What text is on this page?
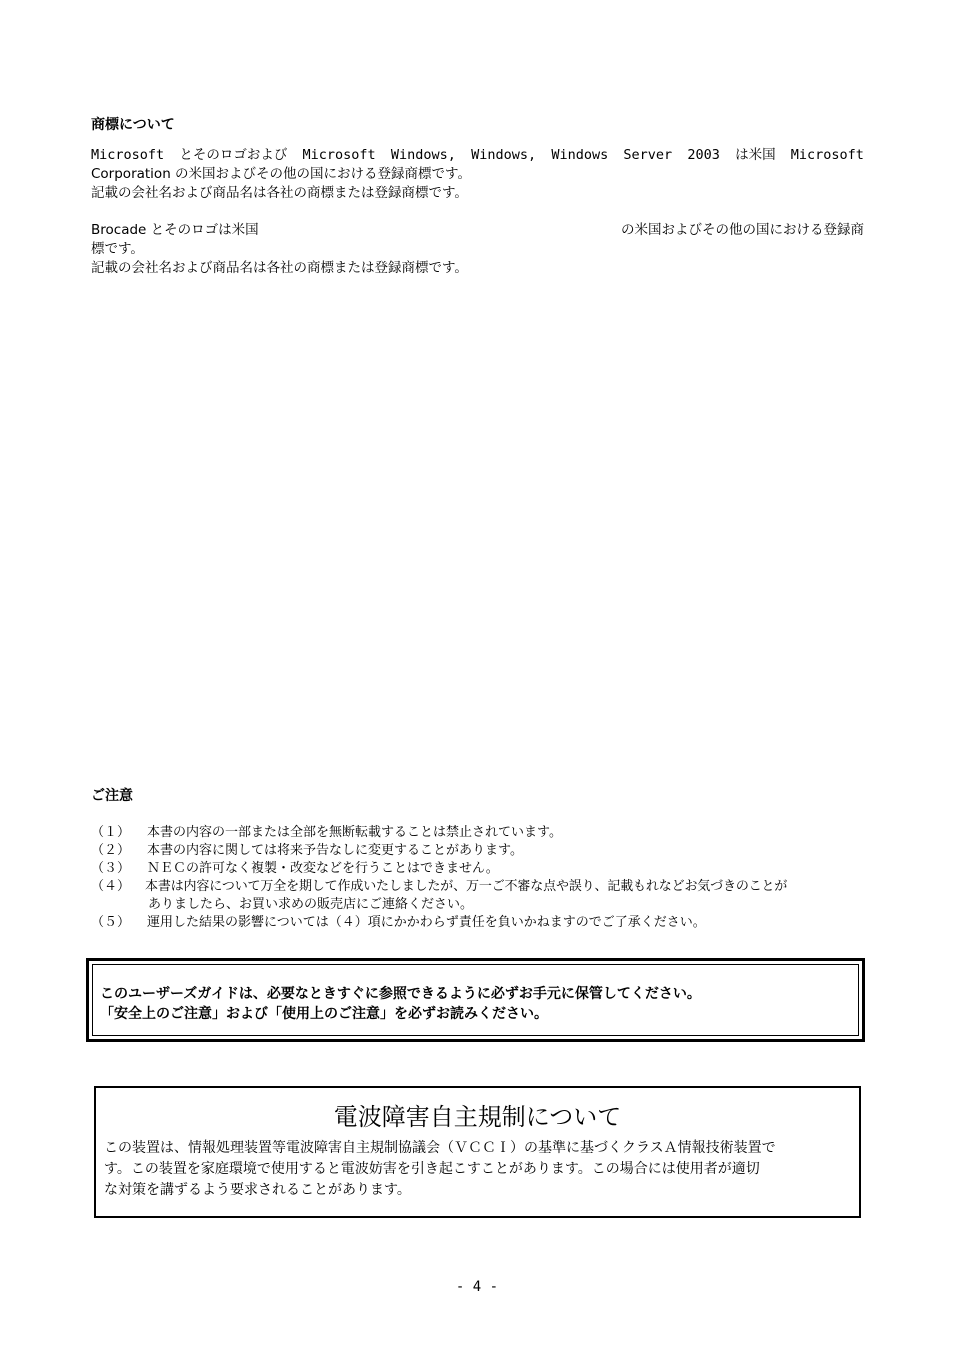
商標について
Microsoft とそのロゴおよび Microsoft Windows, Windows, Windows Server 2003 は米国 Microsoft
Corporation の米国およびその他の国における登録商標です。
記載の会社名および商品名は各社の商標または登録商標です。
Brocade とそのロゴは米国	の米国およびその他の国における登録商
標です。
記載の会社名および商品名は各社の商標または登録商標です。
ご注意
（１）	本書の内容の一部または全部を無断転載することは禁止されています。
（２）	本書の内容に関しては将来予告なしに変更することがあります。
（３）	ＮＥＣの許可なく複製・改変などを行うことはできません。
（４）	本書は内容について万全を期して作成いたしましたが、万一ご不審な点や誤り、記載もれなどお気づきのことが
ありましたら、お買い求めの販売店にご連絡ください。
（５）	運用した結果の影響については（４）項にかかわらず責任を負いかねますのでご了承ください。
このユーザーズガイドは、必要なときすぐに参照できるように必ずお手元に保管してください。
「安全上のご注意」および「使用上のご注意」を必ずお読みください。
電波障害自主規制について
この装置は、情報処理装置等電波障害自主規制協議会（ＶＣＣＩ）の基準に基づくクラスＡ情報技術装置で
す。この装置を家庭環境で使用すると電波妨害を引き起こすことがあります。この場合には使用者が適切
な対策を講ずるよう要求されることがあります。
- 4 -
